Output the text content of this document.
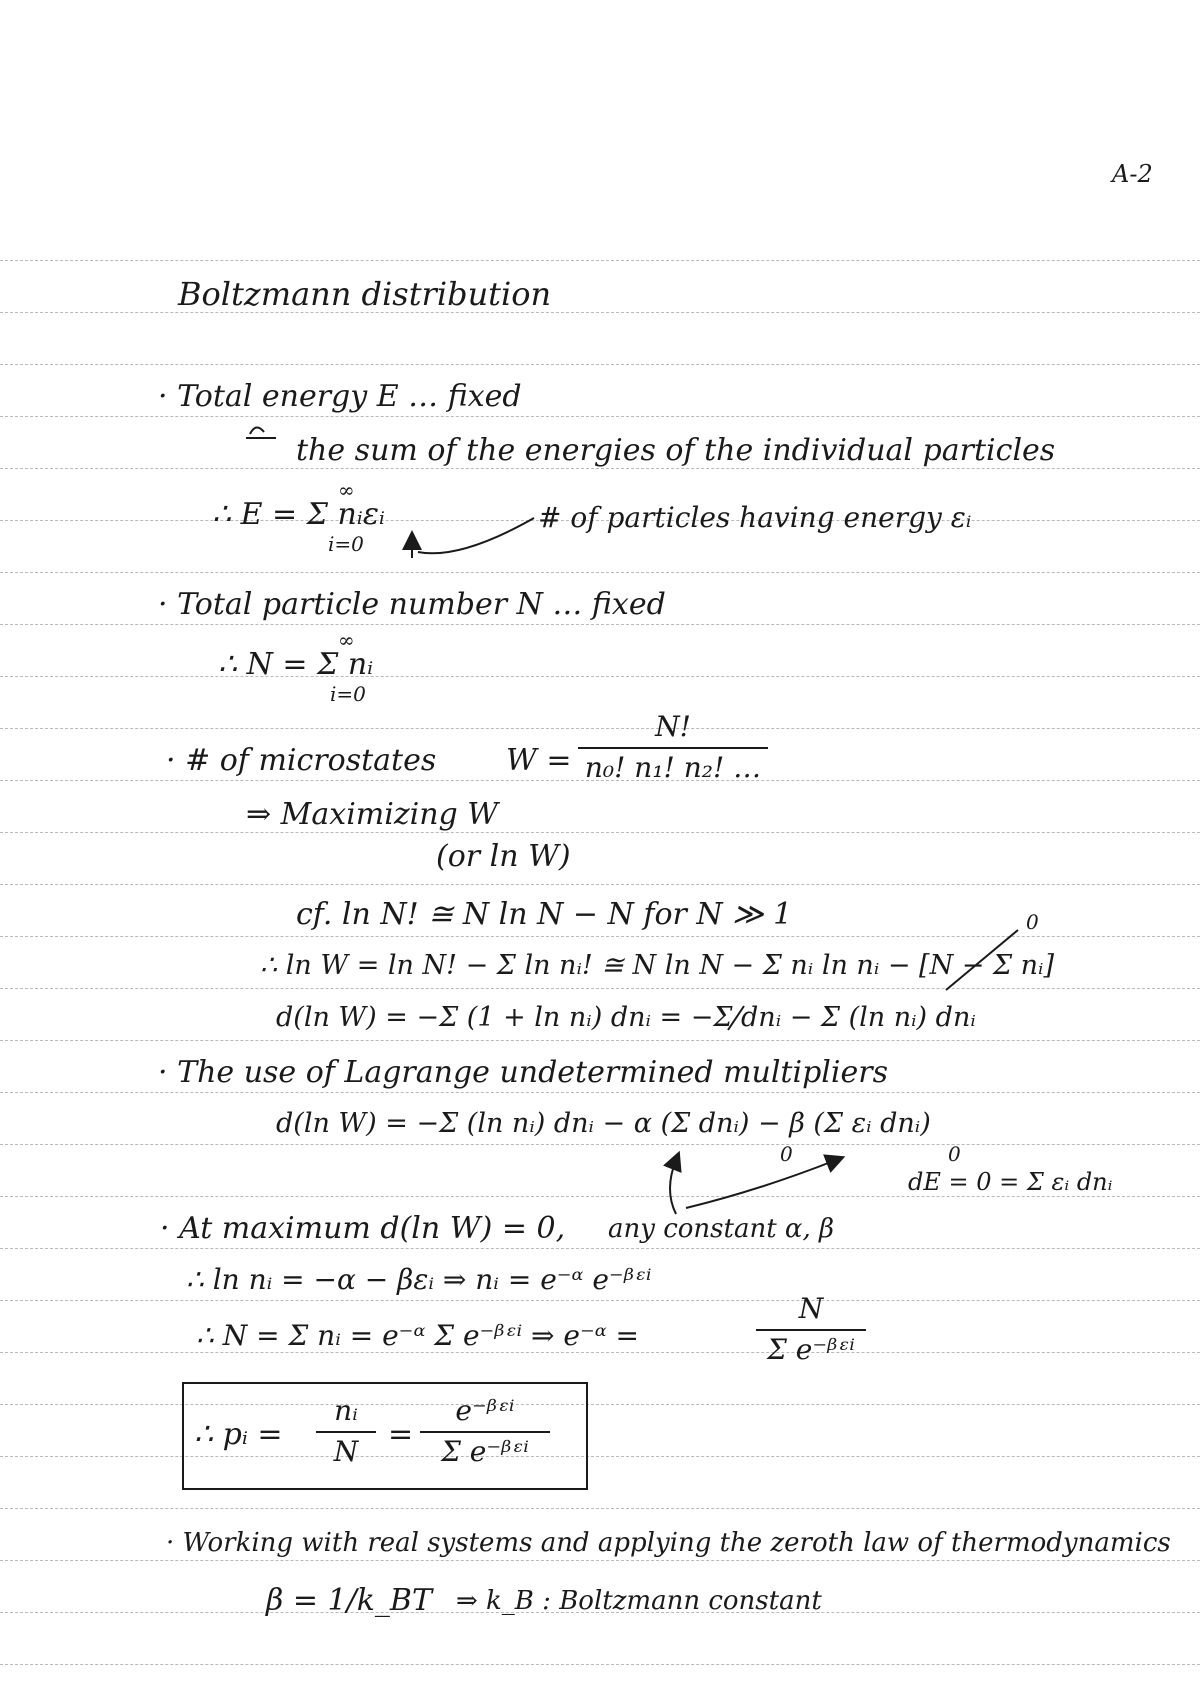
A-2
Boltzmann distribution
· Total energy E … fixed
the sum of the energies of the individual particles
∴ E = Σ nᵢεᵢ
∞
i=0
# of particles having energy εᵢ
· Total particle number N … fixed
∴ N = Σ nᵢ
∞
i=0
· # of microstates W =
N!
n₀! n₁! n₂! …
⇒ Maximizing W
(or ln W)
cf. ln N! ≅ N ln N − N for N ≫ 1
∴ ln W = ln N! − Σ ln nᵢ! ≅ N ln N − Σ nᵢ ln nᵢ − [N − Σ nᵢ]
0
d(ln W) = −Σ (1 + ln nᵢ) dnᵢ = −Σ dnᵢ − Σ (ln nᵢ) dnᵢ
· The use of Lagrange undetermined multipliers
d(ln W) = −Σ (ln nᵢ) dnᵢ − α (Σ dnᵢ) − β (Σ εᵢ dnᵢ)
0	0
dE = 0 = Σ εᵢ dnᵢ
· At maximum d(ln W) = 0, any constant α, β
∴ ln nᵢ = −α − βεᵢ ⇒ nᵢ = e⁻ᵅ e⁻ᵝᵋⁱ
∴ N = Σ nᵢ = e⁻ᵅ Σ e⁻ᵝᵋⁱ ⇒ e⁻ᵅ =
N
Σ e⁻ᵝᵋⁱ
∴ pᵢ =
nᵢ
N =
e⁻ᵝᵋⁱ
Σ e⁻ᵝᵋⁱ
· Working with real systems and applying the zeroth law of thermodynamics
β = 1/k_BT ⇒ k_B : Boltzmann constant
